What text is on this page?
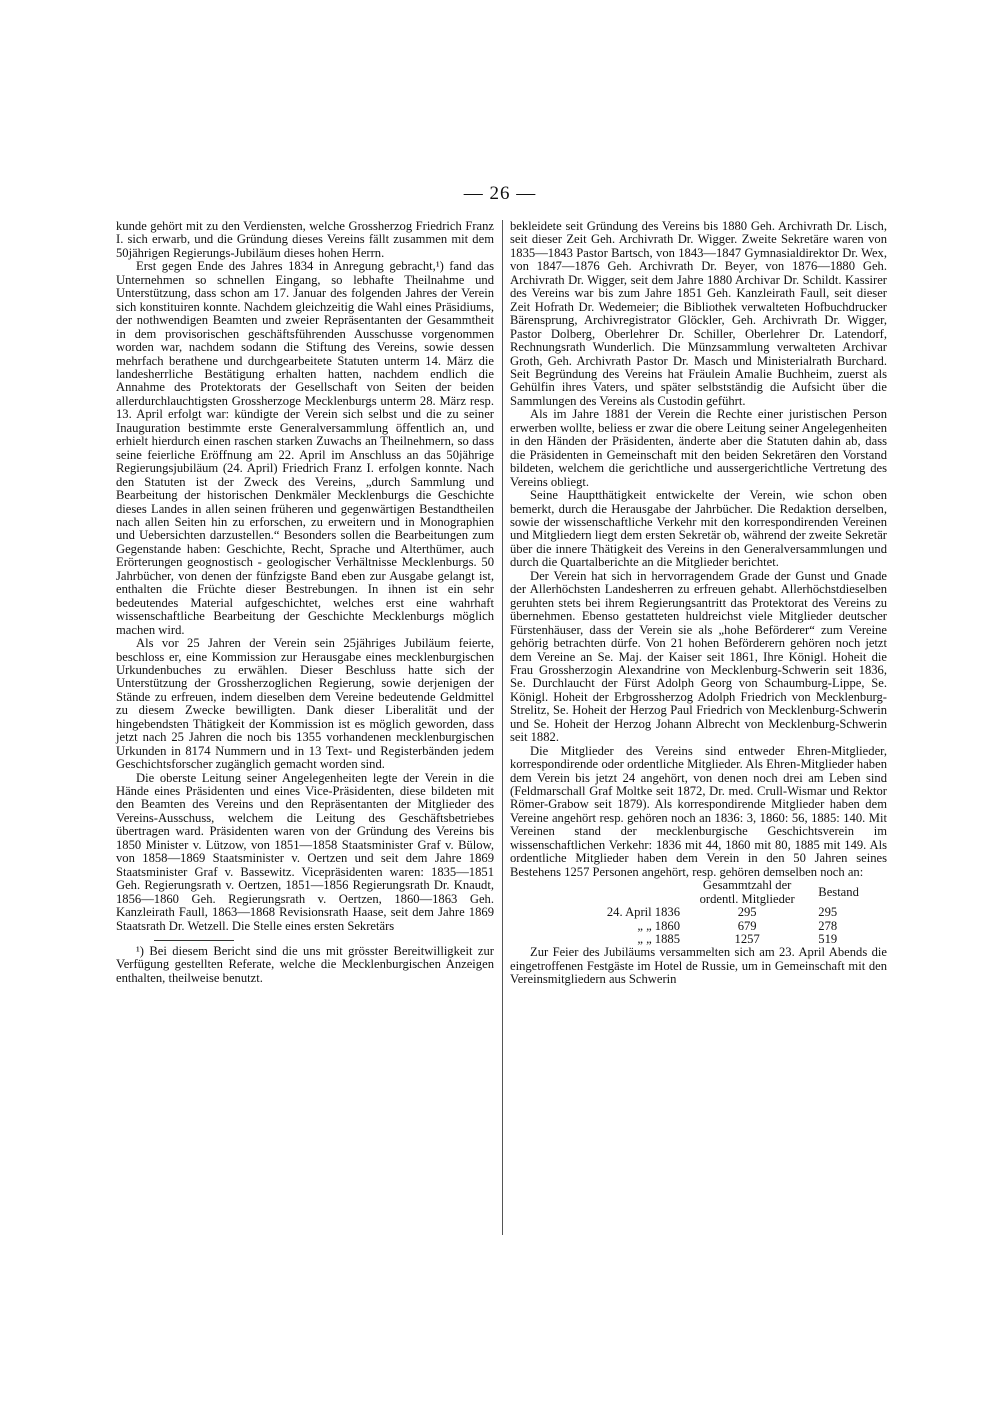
— 26 —

kunde gehört mit zu den Verdiensten, welche Grossherzog Friedrich Franz I. sich erwarb, und die Gründung dieses Vereins fällt zusammen mit dem 50jährigen Regierungs-Jubiläum dieses hohen Herrn.

Erst gegen Ende des Jahres 1834 in Anregung gebracht,¹) fand das Unternehmen so schnellen Eingang, so lebhafte Theilnahme und Unterstützung, dass schon am 17. Januar des folgenden Jahres der Verein sich konstituiren konnte. Nachdem gleichzeitig die Wahl eines Präsidiums, der nothwendigen Beamten und zweier Repräsentanten der Gesammtheit in dem provisorischen geschäftsführenden Ausschusse vorgenommen worden war, nachdem sodann die Stiftung des Vereins, sowie dessen mehrfach berathene und durchgearbeitete Statuten unterm 14. März die landesherrliche Bestätigung erhalten hatten, nachdem endlich die Annahme des Protektorats der Gesellschaft von Seiten der beiden allerdurchlauchtigsten Grossherzoge Mecklenburgs unterm 28. März resp. 13. April erfolgt war: kündigte der Verein sich selbst und die zu seiner Inauguration bestimmte erste Generalversammlung öffentlich an, und erhielt hierdurch einen raschen starken Zuwachs an Theilnehmern, so dass seine feierliche Eröffnung am 22. April im Anschluss an das 50jährige Regierungsjubiläum (24. April) Friedrich Franz I. erfolgen konnte. Nach den Statuten ist der Zweck des Vereins, „durch Sammlung und Bearbeitung der historischen Denkmäler Mecklenburgs die Geschichte dieses Landes in allen seinen früheren und gegenwärtigen Bestandtheilen nach allen Seiten hin zu erforschen, zu erweitern und in Monographien und Uebersichten darzustellen.“ Besonders sollen die Bearbeitungen zum Gegenstande haben: Geschichte, Recht, Sprache und Alterthümer, auch Erörterungen geognostisch - geologischer Verhältnisse Mecklenburgs. 50 Jahrbücher, von denen der fünfzigste Band eben zur Ausgabe gelangt ist, enthalten die Früchte dieser Bestrebungen. In ihnen ist ein sehr bedeutendes Material aufgeschichtet, welches erst eine wahrhaft wissenschaftliche Bearbeitung der Geschichte Mecklenburgs möglich machen wird.

Als vor 25 Jahren der Verein sein 25jähriges Jubiläum feierte, beschloss er, eine Kommission zur Herausgabe eines mecklenburgischen Urkundenbuches zu erwählen. Dieser Beschluss hatte sich der Unterstützung der Grossherzoglichen Regierung, sowie derjenigen der Stände zu erfreuen, indem dieselben dem Vereine bedeutende Geldmittel zu diesem Zwecke bewilligten. Dank dieser Liberalität und der hingebendsten Thätigkeit der Kommission ist es möglich geworden, dass jetzt nach 25 Jahren die noch bis 1355 vorhandenen mecklenburgischen Urkunden in 8174 Nummern und in 13 Text- und Registerbänden jedem Geschichtsforscher zugänglich gemacht worden sind.

Die oberste Leitung seiner Angelegenheiten legte der Verein in die Hände eines Präsidenten und eines Vice-Präsidenten, diese bildeten mit den Beamten des Vereins und den Repräsentanten der Mitglieder des Vereins-Ausschuss, welchem die Leitung des Geschäftsbetriebes übertragen ward. Präsidenten waren von der Gründung des Vereins bis 1850 Minister v. Lützow, von 1851—1858 Staatsminister Graf v. Bülow, von 1858—1869 Staatsminister v. Oertzen und seit dem Jahre 1869 Staatsminister Graf v. Bassewitz. Vicepräsidenten waren: 1835—1851 Geh. Regierungsrath v. Oertzen, 1851—1856 Regierungsrath Dr. Knaudt, 1856—1860 Geh. Regierungsrath v. Oertzen, 1860—1863 Geh. Kanzleirath Faull, 1863—1868 Revisionsrath Haase, seit dem Jahre 1869 Staatsrath Dr. Wetzell. Die Stelle eines ersten Sekretärs

¹) Bei diesem Bericht sind die uns mit grösster Bereitwilligkeit zur Verfügung gestellten Referate, welche die Mecklenburgischen Anzeigen enthalten, theilweise benutzt.

bekleidete seit Gründung des Vereins bis 1880 Geh. Archivrath Dr. Lisch, seit dieser Zeit Geh. Archivrath Dr. Wigger. Zweite Sekretäre waren von 1835—1843 Pastor Bartsch, von 1843—1847 Gymnasialdirektor Dr. Wex, von 1847—1876 Geh. Archivrath Dr. Beyer, von 1876—1880 Geh. Archivrath Dr. Wigger, seit dem Jahre 1880 Archivar Dr. Schildt. Kassirer des Vereins war bis zum Jahre 1851 Geh. Kanzleirath Faull, seit dieser Zeit Hofrath Dr. Wedemeier; die Bibliothek verwalteten Hofbuchdrucker Bärensprung, Archivregistrator Glöckler, Geh. Archivrath Dr. Wigger, Pastor Dolberg, Oberlehrer Dr. Schiller, Oberlehrer Dr. Latendorf, Rechnungsrath Wunderlich. Die Münzsammlung verwalteten Archivar Groth, Geh. Archivrath Pastor Dr. Masch und Ministerialrath Burchard. Seit Begründung des Vereins hat Fräulein Amalie Buchheim, zuerst als Gehülfin ihres Vaters, und später selbstständig die Aufsicht über die Sammlungen des Vereins als Custodin geführt.

Als im Jahre 1881 der Verein die Rechte einer juristischen Person erwerben wollte, beliess er zwar die obere Leitung seiner Angelegenheiten in den Händen der Präsidenten, änderte aber die Statuten dahin ab, dass die Präsidenten in Gemeinschaft mit den beiden Sekretären den Vorstand bildeten, welchem die gerichtliche und aussergerichtliche Vertretung des Vereins obliegt.

Seine Hauptthätigkeit entwickelte der Verein, wie schon oben bemerkt, durch die Herausgabe der Jahrbücher. Die Redaktion derselben, sowie der wissenschaftliche Verkehr mit den korrespondirenden Vereinen und Mitgliedern liegt dem ersten Sekretär ob, während der zweite Sekretär über die innere Thätigkeit des Vereins in den Generalversammlungen und durch die Quartalberichte an die Mitglieder berichtet.

Der Verein hat sich in hervorragendem Grade der Gunst und Gnade der Allerhöchsten Landesherren zu erfreuen gehabt. Allerhöchstdieselben geruhten stets bei ihrem Regierungsantritt das Protektorat des Vereins zu übernehmen. Ebenso gestatteten huldreichst viele Mitglieder deutscher Fürstenhäuser, dass der Verein sie als „hohe Beförderer“ zum Vereine gehörig betrachten dürfe. Von 21 hohen Beförderern gehören noch jetzt dem Vereine an Se. Maj. der Kaiser seit 1861, Ihre Königl. Hoheit die Frau Grossherzogin Alexandrine von Mecklenburg-Schwerin seit 1836, Se. Durchlaucht der Fürst Adolph Georg von Schaumburg-Lippe, Se. Königl. Hoheit der Erbgrossherzog Adolph Friedrich von Mecklenburg-Strelitz, Se. Hoheit der Herzog Paul Friedrich von Mecklenburg-Schwerin und Se. Hoheit der Herzog Johann Albrecht von Mecklenburg-Schwerin seit 1882.

Die Mitglieder des Vereins sind entweder Ehren-Mitglieder, korrespondirende oder ordentliche Mitglieder. Als Ehren-Mitglieder haben dem Verein bis jetzt 24 angehört, von denen noch drei am Leben sind (Feldmarschall Graf Moltke seit 1872, Dr. med. Crull-Wismar und Rektor Römer-Grabow seit 1879). Als korrespondirende Mitglieder haben dem Vereine angehört resp. gehören noch an 1836: 3, 1860: 56, 1885: 140. Mit Vereinen stand der mecklenburgische Geschichtsverein im wissenschaftlichen Verkehr: 1836 mit 44, 1860 mit 80, 1885 mit 149. Als ordentliche Mitglieder haben dem Verein in den 50 Jahren seines Bestehens 1257 Personen angehört, resp. gehören demselben noch an:

	Gesammtzahl der ordentl. Mitglieder	Bestand
24. April 1836	295	295
„ „ 1860	679	278
„ „ 1885	1257	519

Zur Feier des Jubiläums versammelten sich am 23. April Abends die eingetroffenen Festgäste im Hotel de Russie, um in Gemeinschaft mit den Vereinsmitgliedern aus Schwerin
